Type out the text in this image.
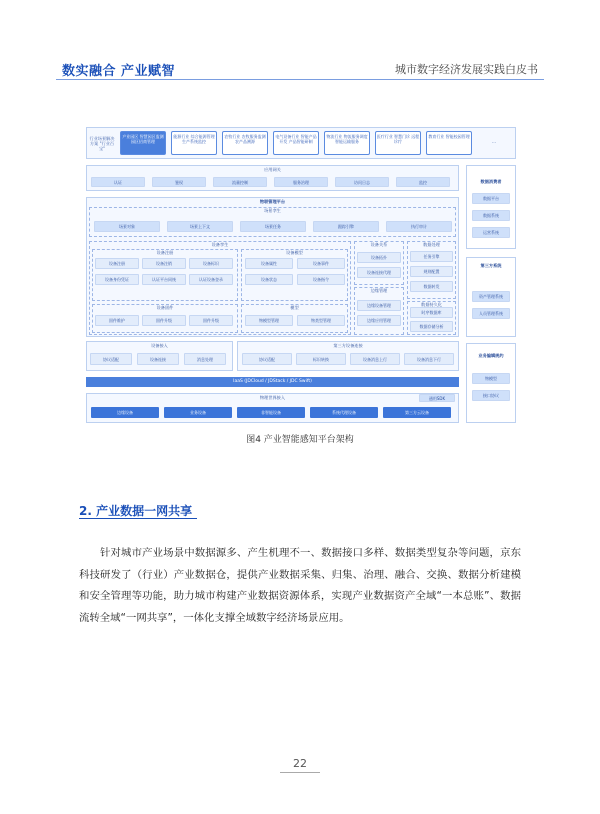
数实融合 产业赋智	城市数字经济发展实践白皮书
行业场景解决方案 "行业百宝"
…
应用网关
物联管理平台
场景孪生
设备孪生
设备注册	设备模型
设备固件	模型
设备关系
边缘管理
数据处理
数据持久化
设备接入	第三方设备连接
IaaS (JDCloud / JDStack / JDC Swift)
物理世界接入	通用SDK
数据消费者
第三方系统
业务编辑规约
产业园区 智慧园区监测 园区招商管理
能源行业 综合能源管理 生产系统监控
农牧行业 农牧服务监测 农产品溯源
电气设备行业 智能产品开发 产品智能研制
物流行业 物流服务调度 智能运输服务
医疗行业 智慧门诊 远程诊疗
教育行业 智能校园管理
认证	鉴权	流量控制	服务治理	访问日志	监控
场景对象	场景上下文	场景任务	跟踪引擎	执行审计
设备注册	设备注销	设备标识
设备身份凭证	认证平台同统	认证设备登录
设备属性	设备事件
设备状态	设备指令
固件维护	固件升级	固件升级	物模型管理	物类型管理
设备拓扑
设备连接代理
边缘设备管理
边缘应用管理
任务引擎
规则配置
数据转发
时序数据库
数据存储分析
协议适配	设备连接	消息处理	协议适配	标识转换	设备消息上行	设备消息下行
边缘设备	业务设备	非智能设备	系统代理设备	第三方云设备
数据平台
数据系统
运营系统
资产管理系统
人员管理系统
物模型
接口协议
图4 产业智能感知平台架构
2. 产业数据一网共享
针对城市产业场景中数据源多、产生机理不一、数据接口多样、数据类型复杂等问题，京东科技研发了（行业）产业数据仓，提供产业数据采集、归集、治理、融合、交换、数据分析建模和安全管理等功能，助力城市构建产业数据资源体系，实现产业数据资产全域“一本总账”、数据流转全域“一网共享”，一体化支撑全域数字经济场景应用。
22
